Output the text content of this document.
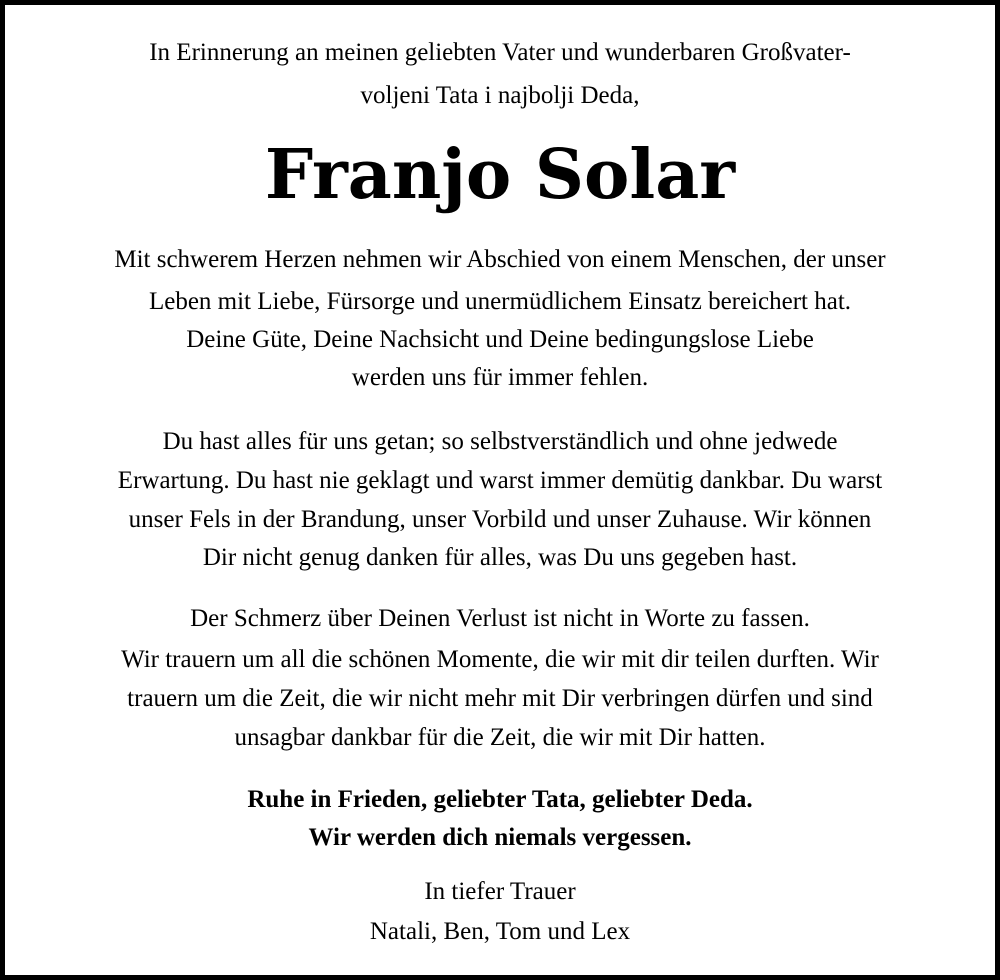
In Erinnerung an meinen geliebten Vater und wunderbaren Großvater-

voljeni Tata i najbolji Deda,

Franjo Solar

Mit schwerem Herzen nehmen wir Abschied von einem Menschen, der unser

Leben mit Liebe, Fürsorge und unermüdlichem Einsatz bereichert hat.

Deine Güte, Deine Nachsicht und Deine bedingungslose Liebe

werden uns für immer fehlen.

Du hast alles für uns getan; so selbstverständlich und ohne jedwede

Erwartung. Du hast nie geklagt und warst immer demütig dankbar. Du warst

unser Fels in der Brandung, unser Vorbild und unser Zuhause. Wir können

Dir nicht genug danken für alles, was Du uns gegeben hast.

Der Schmerz über Deinen Verlust ist nicht in Worte zu fassen.

Wir trauern um all die schönen Momente, die wir mit dir teilen durften. Wir

trauern um die Zeit, die wir nicht mehr mit Dir verbringen dürfen und sind

unsagbar dankbar für die Zeit, die wir mit Dir hatten.

Ruhe in Frieden, geliebter Tata, geliebter Deda.

Wir werden dich niemals vergessen.

In tiefer Trauer

Natali, Ben, Tom und Lex
